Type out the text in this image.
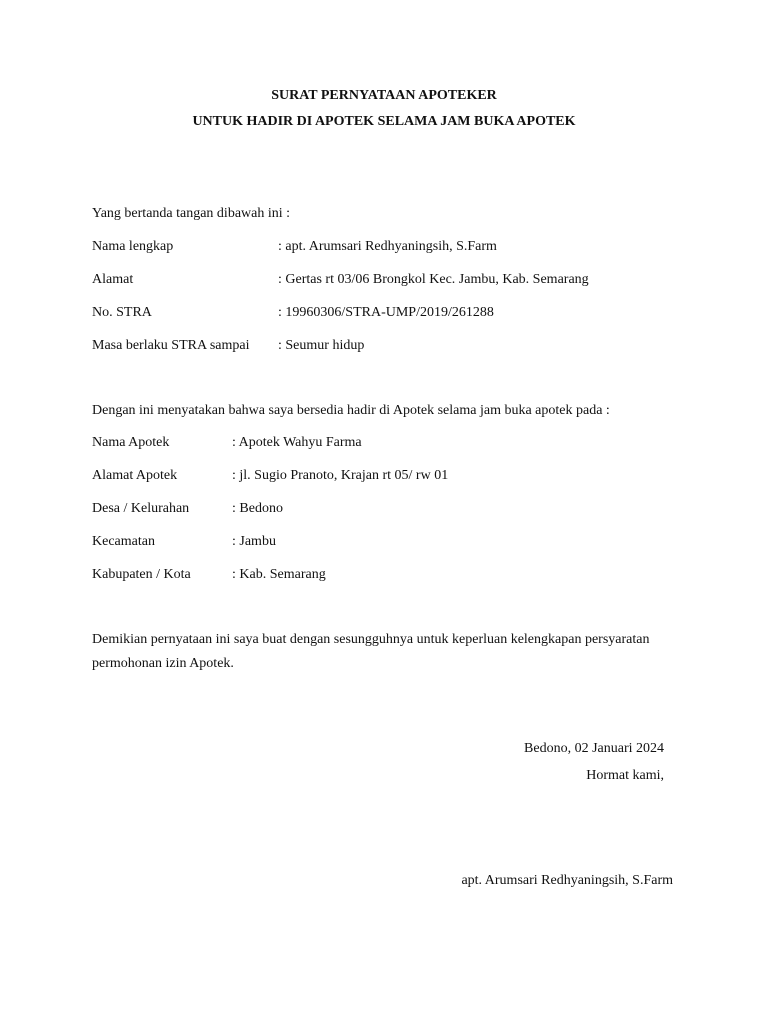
SURAT PERNYATAAN APOTEKER
UNTUK HADIR DI APOTEK SELAMA JAM BUKA APOTEK
Yang bertanda tangan dibawah ini :
Nama lengkap	: apt. Arumsari Redhyaningsih, S.Farm
Alamat	: Gertas rt 03/06 Brongkol Kec. Jambu, Kab. Semarang
No. STRA	: 19960306/STRA-UMP/2019/261288
Masa berlaku STRA sampai : Seumur hidup
Dengan ini menyatakan bahwa saya bersedia hadir di Apotek selama jam buka apotek pada :
Nama Apotek	: Apotek Wahyu Farma
Alamat Apotek	: jl. Sugio Pranoto, Krajan rt 05/ rw 01
Desa / Kelurahan	: Bedono
Kecamatan	: Jambu
Kabupaten / Kota	: Kab. Semarang
Demikian pernyataan ini saya buat dengan sesungguhnya untuk keperluan kelengkapan persyaratan
permohonan izin Apotek.
Bedono, 02 Januari 2024
Hormat kami,
apt. Arumsari Redhyaningsih, S.Farm
